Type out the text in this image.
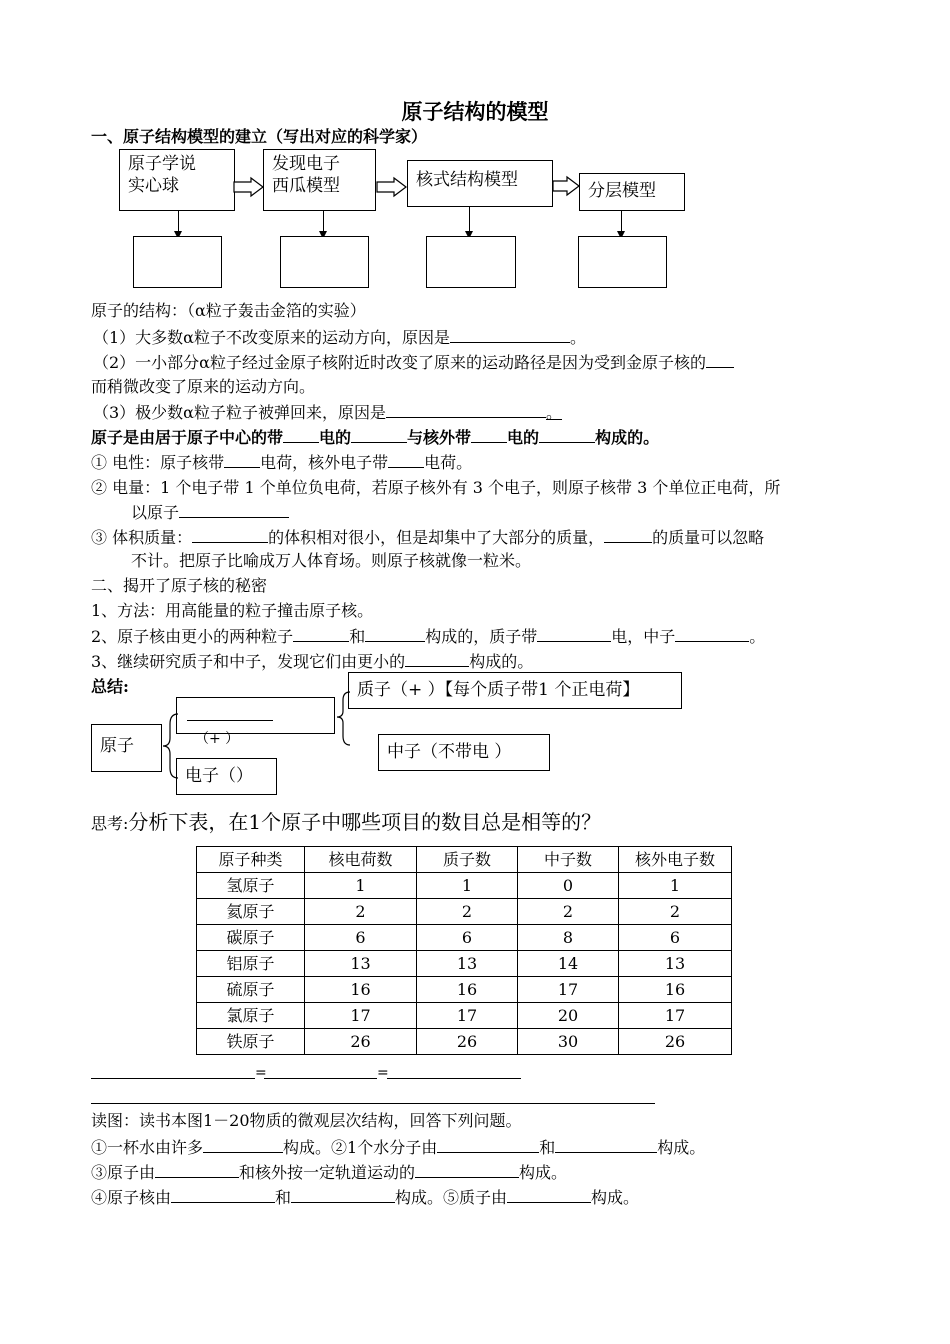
原子结构的模型
一、原子结构模型的建立（写出对应的科学家）
原子学说
实心球
发现电子
西瓜模型	核式结构模型
分层模型
原子的结构：（α粒子轰击金箔的实验）
（1）大多数α粒子不改变原来的运动方向，原因是	。
（2）一小部分α粒子经过金原子核附近时改变了原来的运动路径是因为受到金原子核的
而稍微改变了原来的运动方向。
（3）极少数α粒子粒子被弹回来，原因是	。
原子是由居于原子中心的带 电的	与核外带 电的	构成的。
① 电性：原子核带 电荷，核外电子带 电荷。
② 电量：1 个电子带 1 个单位负电荷，若原子核外有 3 个电子，则原子核带 3 个单位正电荷，所
以原子
③ 体积质量：	的体积相对很小，但是却集中了大部分的质量，	的质量可以忽略
不计。把原子比喻成万人体育场。则原子核就像一粒米。
二、揭开了原子核的秘密
1、方法：用高能量的粒子撞击原子核。
2、原子核由更小的两种粒子	和	构成的，质子带	电，中子	。
3、继续研究质子和中子，发现它们由更小的	构成的。
总结:
原子	（+ ）
电子（）
质子（+ ）【每个质子带1 个正电荷】
中子（不带电 ）
思考:分析下表，在1个原子中哪些项目的数目总是相等的？
原子种类	核电荷数	质子数	中子数	核外电子数
氢原子	1	1	0	1
氦原子	2	2	2	2
碳原子	6	6	8	6
铝原子	13	13	14	13
硫原子	16	16	17	16
氯原子	17	17	20	17
铁原子	26	26	30	26
=	=
读图：读书本图1－20物质的微观层次结构，回答下列问题。
①一杯水由许多	构成。②1个水分子由	和	构成。
③原子由	和核外按一定轨道运动的	构成。
④原子核由	和	构成。⑤质子由	构成。
